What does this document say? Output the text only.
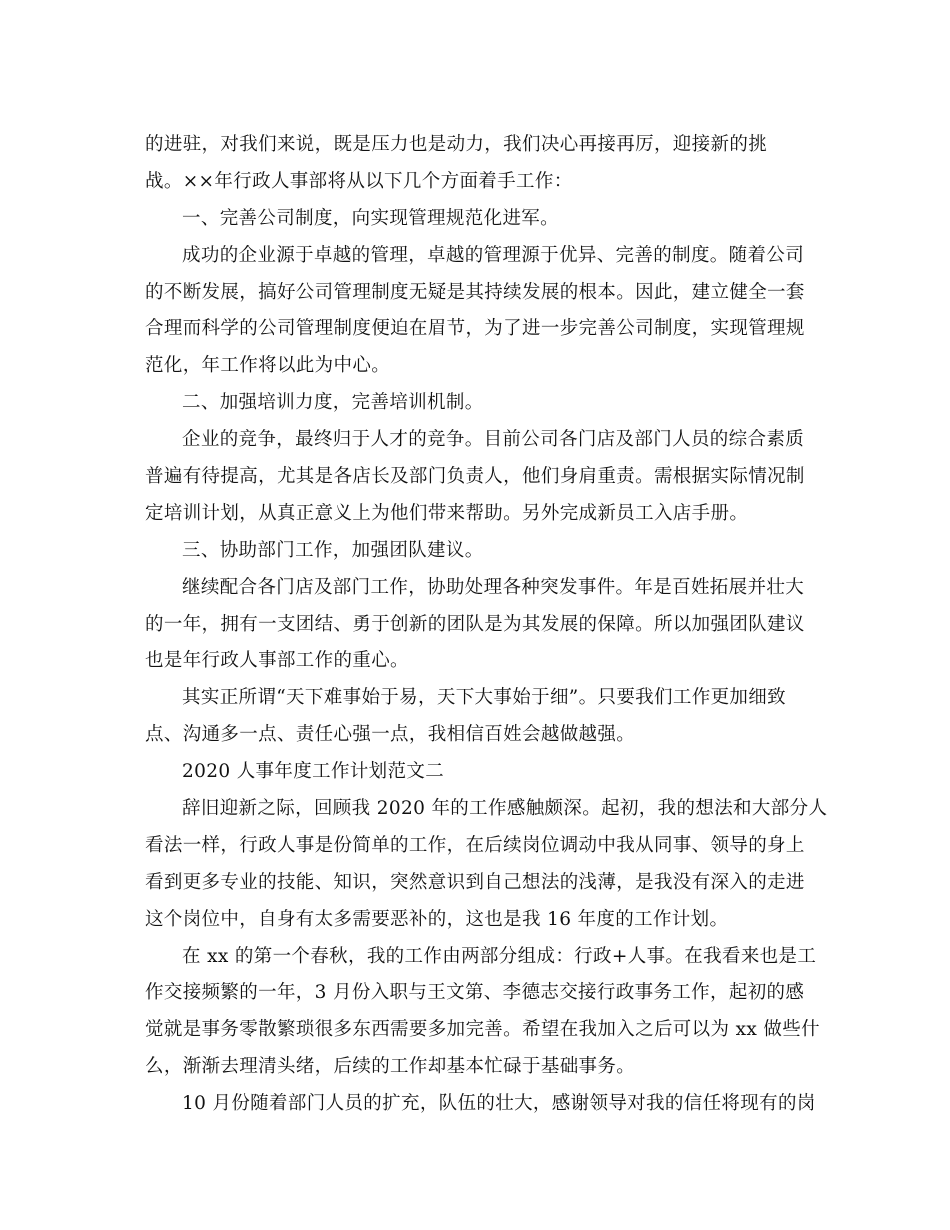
的进驻，对我们来说，既是压力也是动力，我们决心再接再厉，迎接新的挑
战。××年行政人事部将从以下几个方面着手工作：
一、完善公司制度，向实现管理规范化进军。
成功的企业源于卓越的管理，卓越的管理源于优异、完善的制度。随着公司
的不断发展，搞好公司管理制度无疑是其持续发展的根本。因此，建立健全一套
合理而科学的公司管理制度便迫在眉节，为了进一步完善公司制度，实现管理规
范化，年工作将以此为中心。
二、加强培训力度，完善培训机制。
企业的竞争，最终归于人才的竞争。目前公司各门店及部门人员的综合素质
普遍有待提高，尤其是各店长及部门负责人，他们身肩重责。需根据实际情况制
定培训计划，从真正意义上为他们带来帮助。另外完成新员工入店手册。
三、协助部门工作，加强团队建议。
继续配合各门店及部门工作，协助处理各种突发事件。年是百姓拓展并壮大
的一年，拥有一支团结、勇于创新的团队是为其发展的保障。所以加强团队建议
也是年行政人事部工作的重心。
其实正所谓“天下难事始于易，天下大事始于细”。只要我们工作更加细致
点、沟通多一点、责任心强一点，我相信百姓会越做越强。
2020 人事年度工作计划范文二
辞旧迎新之际，回顾我 2020 年的工作感触颇深。起初，我的想法和大部分人
看法一样，行政人事是份简单的工作，在后续岗位调动中我从同事、领导的身上
看到更多专业的技能、知识，突然意识到自己想法的浅薄，是我没有深入的走进
这个岗位中，自身有太多需要恶补的，这也是我 16 年度的工作计划。
在 xx 的第一个春秋，我的工作由两部分组成：行政+人事。在我看来也是工
作交接频繁的一年，3 月份入职与王文第、李德志交接行政事务工作，起初的感
觉就是事务零散繁琐很多东西需要多加完善。希望在我加入之后可以为 xx 做些什
么，渐渐去理清头绪，后续的工作却基本忙碌于基础事务。
10 月份随着部门人员的扩充，队伍的壮大，感谢领导对我的信任将现有的岗
